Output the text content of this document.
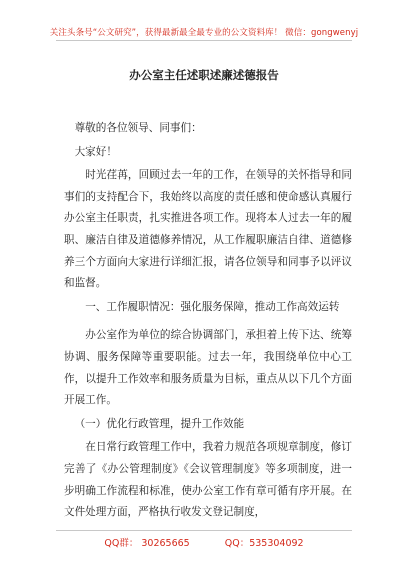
关注头条号“公文研究”，获得最新最全最专业的公文资料库！ 微信：gongwenyj
办公室主任述职述廉述德报告

尊敬的各位领导、同事们：

大家好！

时光荏苒，回顾过去一年的工作，在领导的关怀指导和同事们的支持配合下，我始终以高度的责任感和使命感认真履行办公室主任职责，扎实推进各项工作。现将本人过去一年的履职、廉洁自律及道德修养情况，从工作履职廉洁自律、道德修养三个方面向大家进行详细汇报，请各位领导和同事予以评议和监督。

一、工作履职情况：强化服务保障，推动工作高效运转

办公室作为单位的综合协调部门，承担着上传下达、统筹协调、服务保障等重要职能。过去一年，我围绕单位中心工作，以提升工作效率和服务质量为目标，重点从以下几个方面开展工作。

（一）优化行政管理，提升工作效能

在日常行政管理工作中，我着力规范各项规章制度，修订完善了《办公管理制度》《会议管理制度》等多项制度，进一步明确工作流程和标准，使办公室工作有章可循有序开展。在文件处理方面，严格执行收发文登记制度，

QQ群： 30265665	QQ：535304092
